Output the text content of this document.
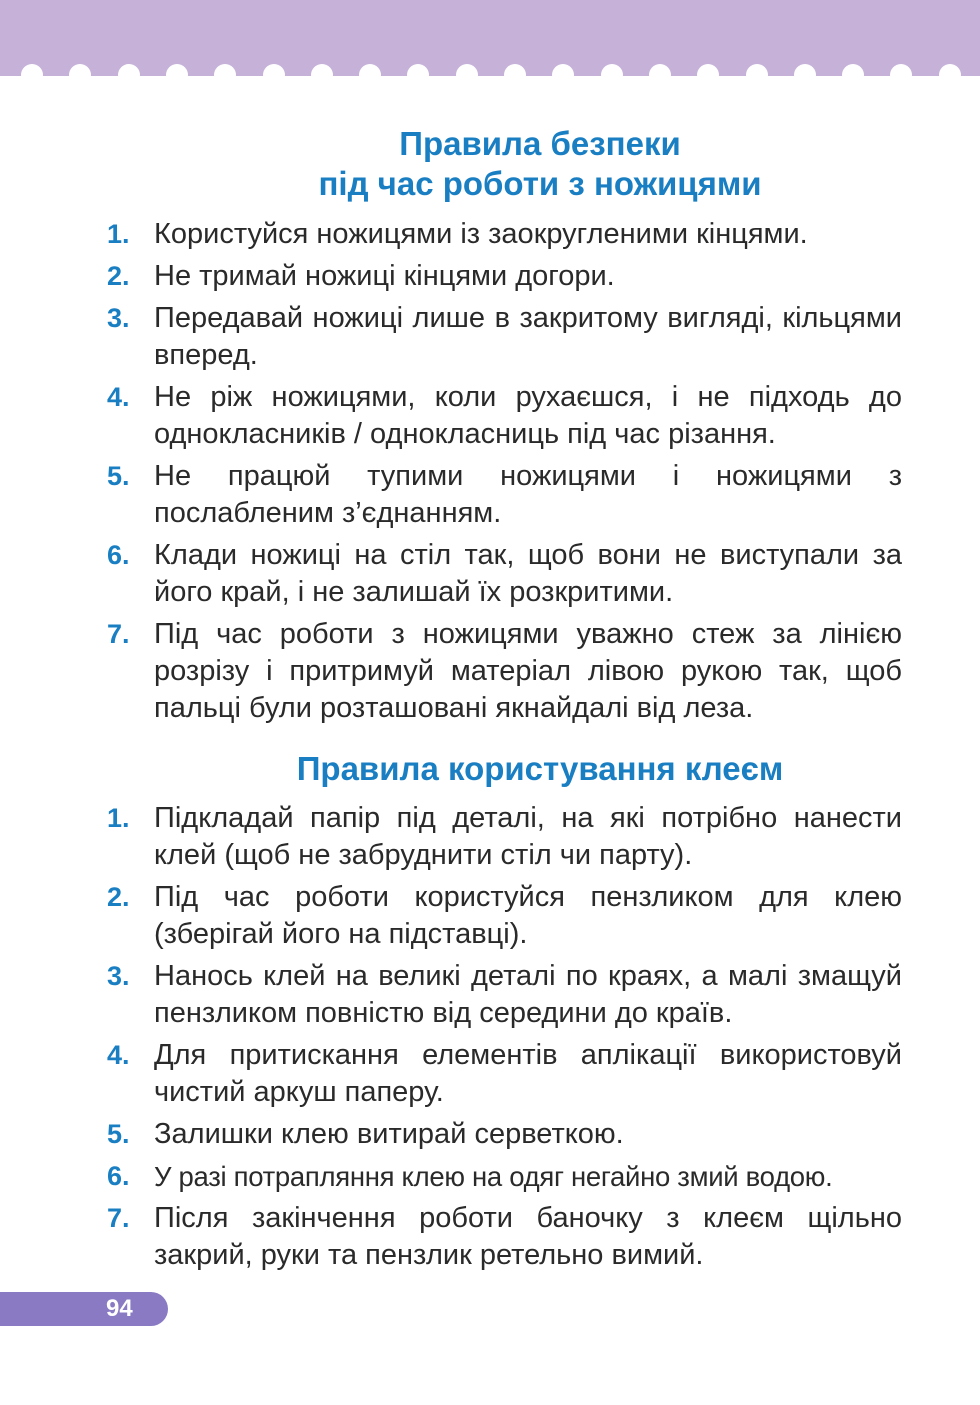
Правила безпеки
під час роботи з ножицями
1. Користуйся ножицями із заокругленими кінцями.
2. Не тримай ножиці кінцями догори.
3. Передавай ножиці лише в закритому вигляді, кільцями вперед.
4. Не ріж ножицями, коли рухаєшся, і не підходь до однокласників / однокласниць під час різання.
5. Не працюй тупими ножицями і ножицями з послабленим з’єднанням.
6. Клади ножиці на стіл так, щоб вони не виступали за його край, і не залишай їх розкритими.
7. Під час роботи з ножицями уважно стеж за лінією розрізу і притримуй матеріал лівою рукою так, щоб пальці були розташовані якнайдалі від леза.
Правила користування клеєм
1. Підкладай папір під деталі, на які потрібно нанести клей (щоб не забруднити стіл чи парту).
2. Під час роботи користуйся пензликом для клею (зберігай його на підставці).
3. Наноcь клей на великі деталі по краях, а малі змащуй пензликом повністю від середини до країв.
4. Для притискання елементів аплікації використовуй чистий аркуш паперу.
5. Залишки клею витирай серветкою.
6. У разі потрапляння клею на одяг негайно змий водою.
7. Після закінчення роботи баночку з клеєм щільно закрий, руки та пензлик ретельно вимий.
94
